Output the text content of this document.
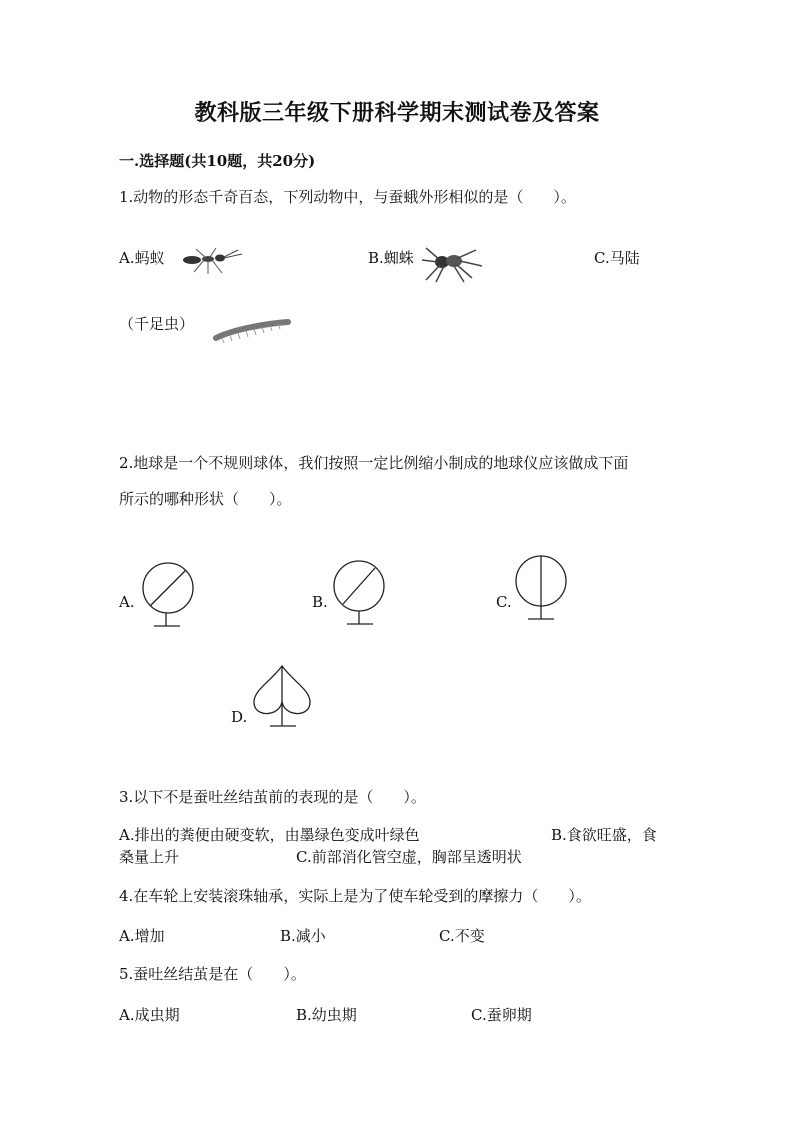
教科版三年级下册科学期末测试卷及答案
一.选择题(共10题，共20分)
1.动物的形态千奇百态，下列动物中，与蚕蛾外形相似的是（　　）。
A.蚂蚁	B.蜘蛛	C.马陆
（千足虫）
2.地球是一个不规则球体，我们按照一定比例缩小制成的地球仪应该做成下面
所示的哪种形状（　　）。
A.	B.	C.
D.
3.以下不是蚕吐丝结茧前的表现的是（　　）。
A.排出的粪便由硬变软，由墨绿色变成叶绿色	B.食欲旺盛，食
桑量上升	C.前部消化管空虚，胸部呈透明状
4.在车轮上安装滚珠轴承，实际上是为了使车轮受到的摩擦力（　　）。
A.增加	B.减小	C.不变
5.蚕吐丝结茧是在（　　）。
A.成虫期	B.幼虫期	C.蚕卵期
